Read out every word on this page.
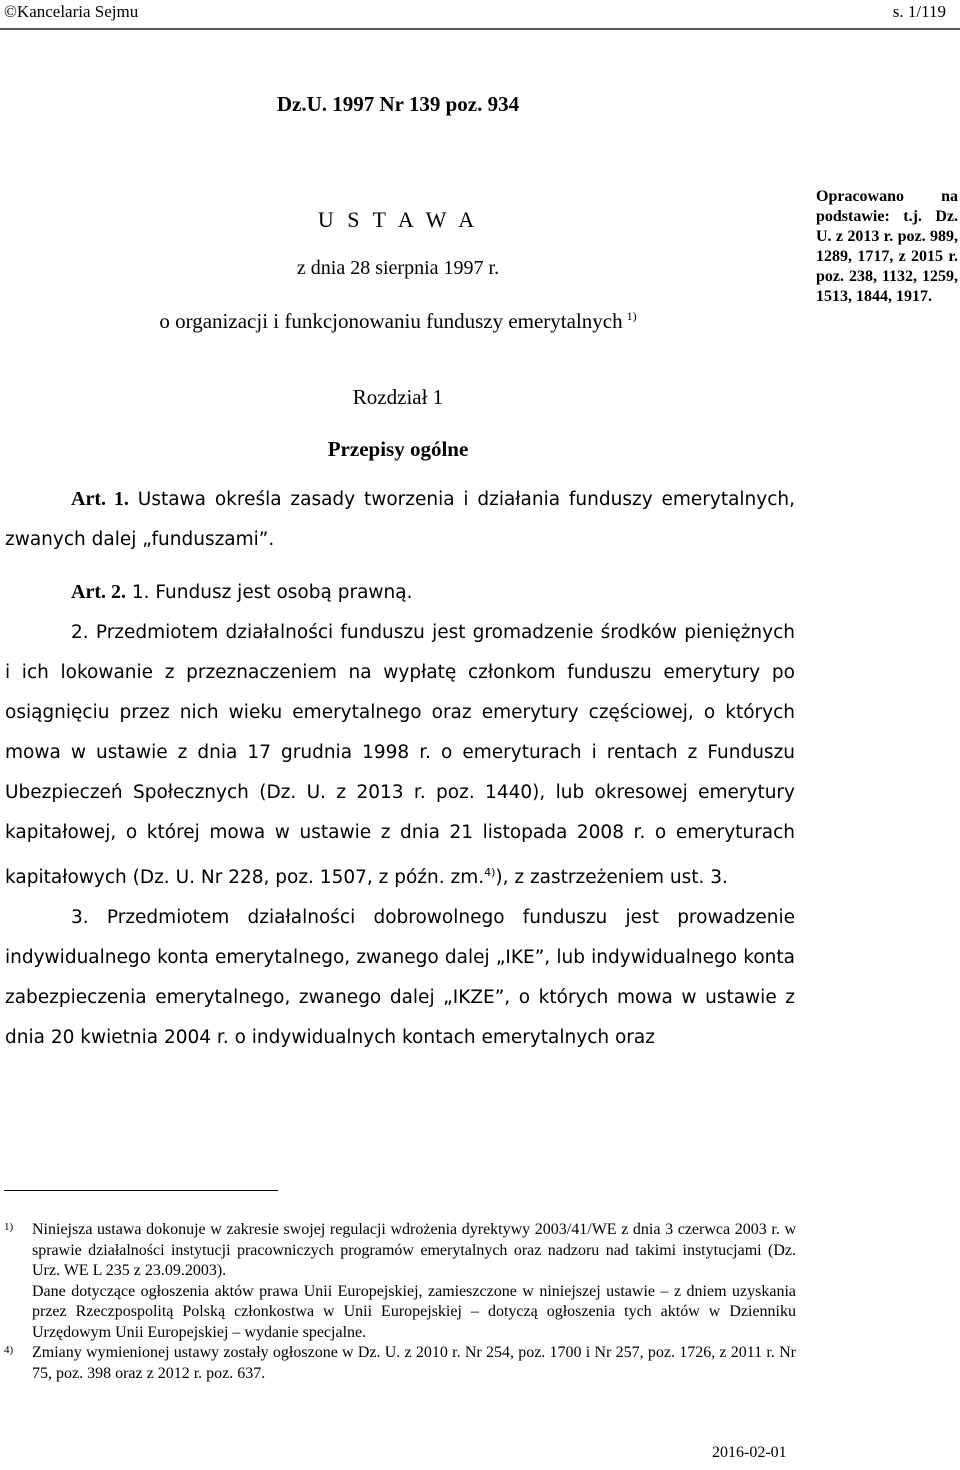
©Kancelaria Sejmu	s. 1/119
Dz.U. 1997 Nr 139 poz. 934
U S T A W A
z dnia 28 sierpnia 1997 r.
o organizacji i funkcjonowaniu funduszy emerytalnych $^{1)}$
Opracowano na podstawie: t.j. Dz. U. z 2013 r. poz. 989, 1289, 1717, z 2015 r. poz. 238, 1132, 1259, 1513, 1844, 1917.
Rozdział 1
Przepisy ogólne

Art. 1. Ustawa określa zasady tworzenia i działania funduszy emerytalnych, zwanych dalej „funduszami”.

Art. 2. 1. Fundusz jest osobą prawną.

2. Przedmiotem działalności funduszu jest gromadzenie środków pieniężnych i ich lokowanie z przeznaczeniem na wypłatę członkom funduszu emerytury po osiągnięciu przez nich wieku emerytalnego oraz emerytury częściowej, o których mowa w ustawie z dnia 17 grudnia 1998 r. o emeryturach i rentach z Funduszu Ubezpieczeń Społecznych (Dz. U. z 2013 r. poz. 1440), lub okresowej emerytury kapitałowej, o której mowa w ustawie z dnia 21 listopada 2008 r. o emeryturach kapitałowych (Dz. U. Nr 228, poz. 1507, z późn. zm.$^{4)}$), z zastrzeżeniem ust. 3.

3. Przedmiotem działalności dobrowolnego funduszu jest prowadzenie indywidualnego konta emerytalnego, zwanego dalej „IKE”, lub indywidualnego konta zabezpieczenia emerytalnego, zwanego dalej „IKZE”, o których mowa w ustawie z dnia 20 kwietnia 2004 r. o indywidualnych kontach emerytalnych oraz

1) Niniejsza ustawa dokonuje w zakresie swojej regulacji wdrożenia dyrektywy 2003/41/WE z dnia 3 czerwca 2003 r. w sprawie działalności instytucji pracowniczych programów emerytalnych oraz nadzoru nad takimi instytucjami (Dz. Urz. WE L 235 z 23.09.2003).
Dane dotyczące ogłoszenia aktów prawa Unii Europejskiej, zamieszczone w niniejszej ustawie – z dniem uzyskania przez Rzeczpospolitą Polską członkostwa w Unii Europejskiej – dotyczą ogłoszenia tych aktów w Dzienniku Urzędowym Unii Europejskiej – wydanie specjalne.
4) Zmiany wymienionej ustawy zostały ogłoszone w Dz. U. z 2010 r. Nr 254, poz. 1700 i Nr 257, poz. 1726, z 2011 r. Nr 75, poz. 398 oraz z 2012 r. poz. 637.
2016-02-01
